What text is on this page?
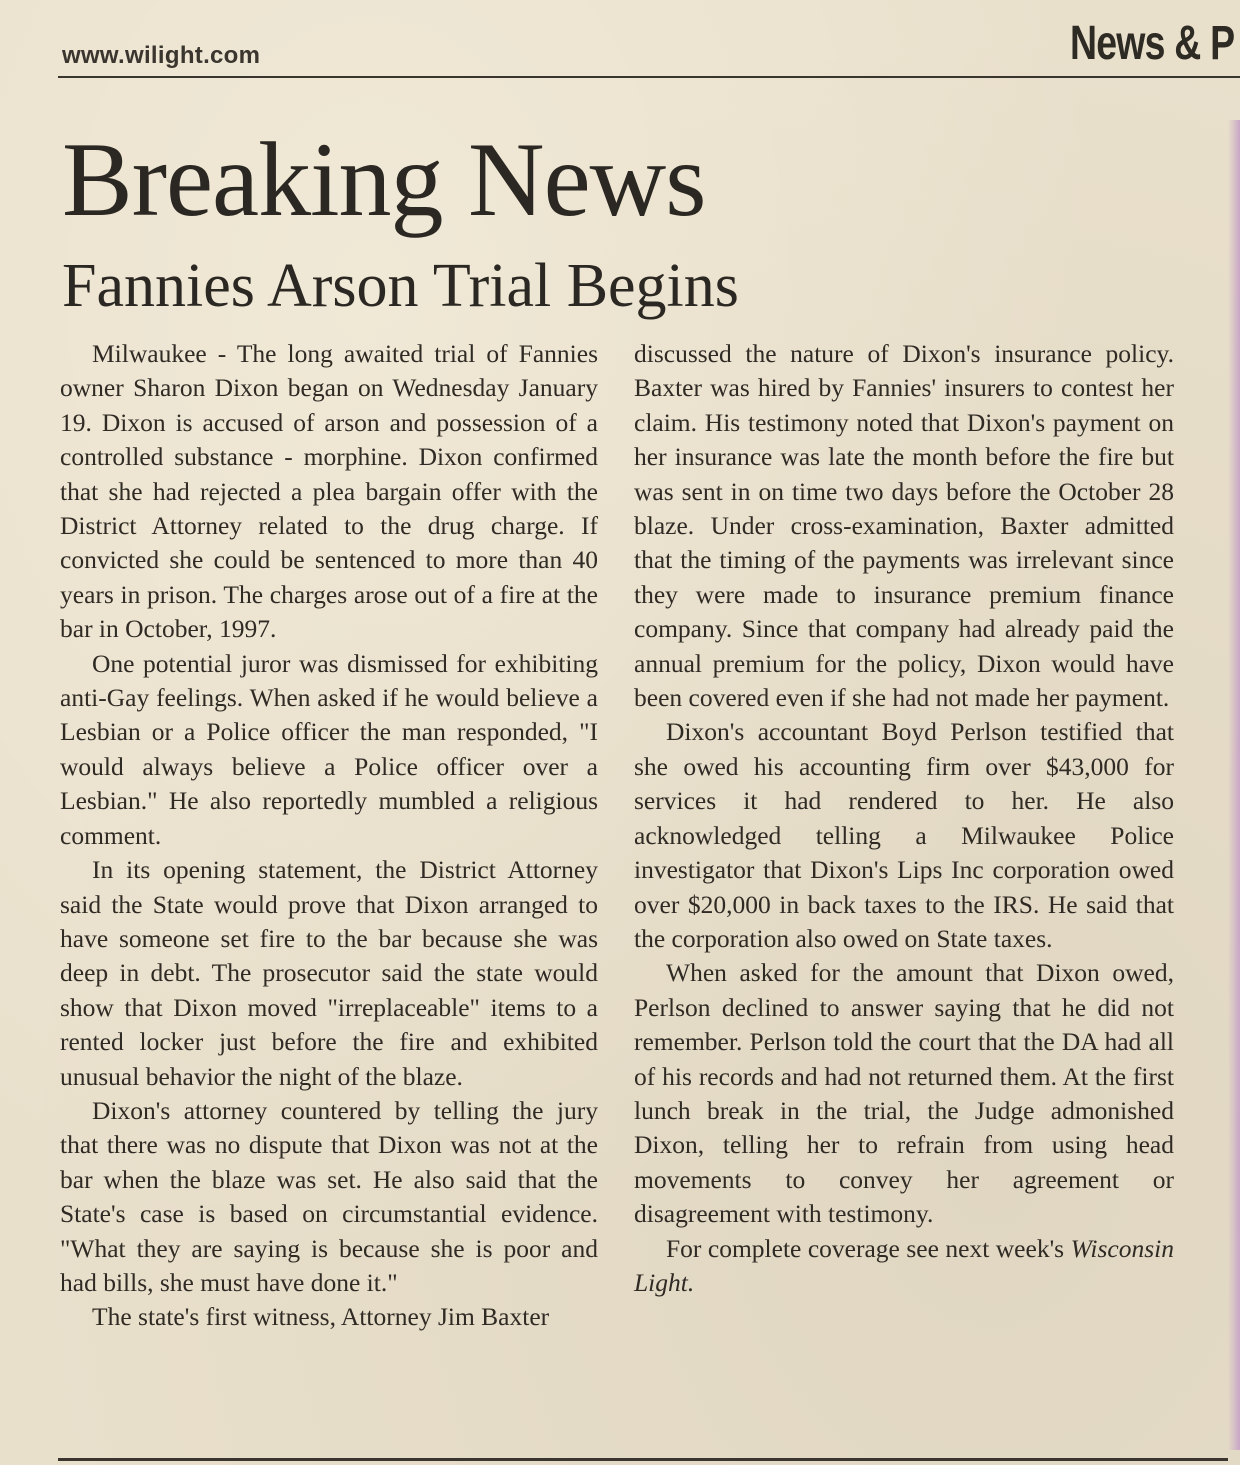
www.wilight.com	News & P
Breaking News
Fannies Arson Trial Begins

Milwaukee - The long awaited trial of Fannies owner Sharon Dixon began on Wednesday January 19. Dixon is accused of arson and possession of a controlled substance - morphine. Dixon confirmed that she had rejected a plea bargain offer with the District Attorney related to the drug charge. If convicted she could be sentenced to more than 40 years in prison. The charges arose out of a fire at the bar in October, 1997.

One potential juror was dismissed for exhibiting anti-Gay feelings. When asked if he would believe a Lesbian or a Police officer the man responded, "I would always believe a Police officer over a Lesbian." He also reportedly mumbled a religious comment.

In its opening statement, the District Attorney said the State would prove that Dixon arranged to have someone set fire to the bar because she was deep in debt. The prosecutor said the state would show that Dixon moved "irreplaceable" items to a rented locker just before the fire and exhibited unusual behavior the night of the blaze.

Dixon's attorney countered by telling the jury that there was no dispute that Dixon was not at the bar when the blaze was set. He also said that the State's case is based on circumstantial evidence. "What they are saying is because she is poor and had bills, she must have done it."

The state's first witness, Attorney Jim Baxter

discussed the nature of Dixon's insurance policy. Baxter was hired by Fannies' insurers to contest her claim. His testimony noted that Dixon's payment on her insurance was late the month before the fire but was sent in on time two days before the October 28 blaze. Under cross-examination, Baxter admitted that the timing of the payments was irrelevant since they were made to insurance premium finance company. Since that company had already paid the annual premium for the policy, Dixon would have been covered even if she had not made her payment.

Dixon's accountant Boyd Perlson testified that she owed his accounting firm over $43,000 for services it had rendered to her. He also acknowledged telling a Milwaukee Police investigator that Dixon's Lips Inc corporation owed over $20,000 in back taxes to the IRS. He said that the corporation also owed on State taxes.

When asked for the amount that Dixon owed, Perlson declined to answer saying that he did not remember. Perlson told the court that the DA had all of his records and had not returned them. At the first lunch break in the trial, the Judge admonished Dixon, telling her to refrain from using head movements to convey her agreement or disagreement with testimony.

For complete coverage see next week's Wisconsin Light.
